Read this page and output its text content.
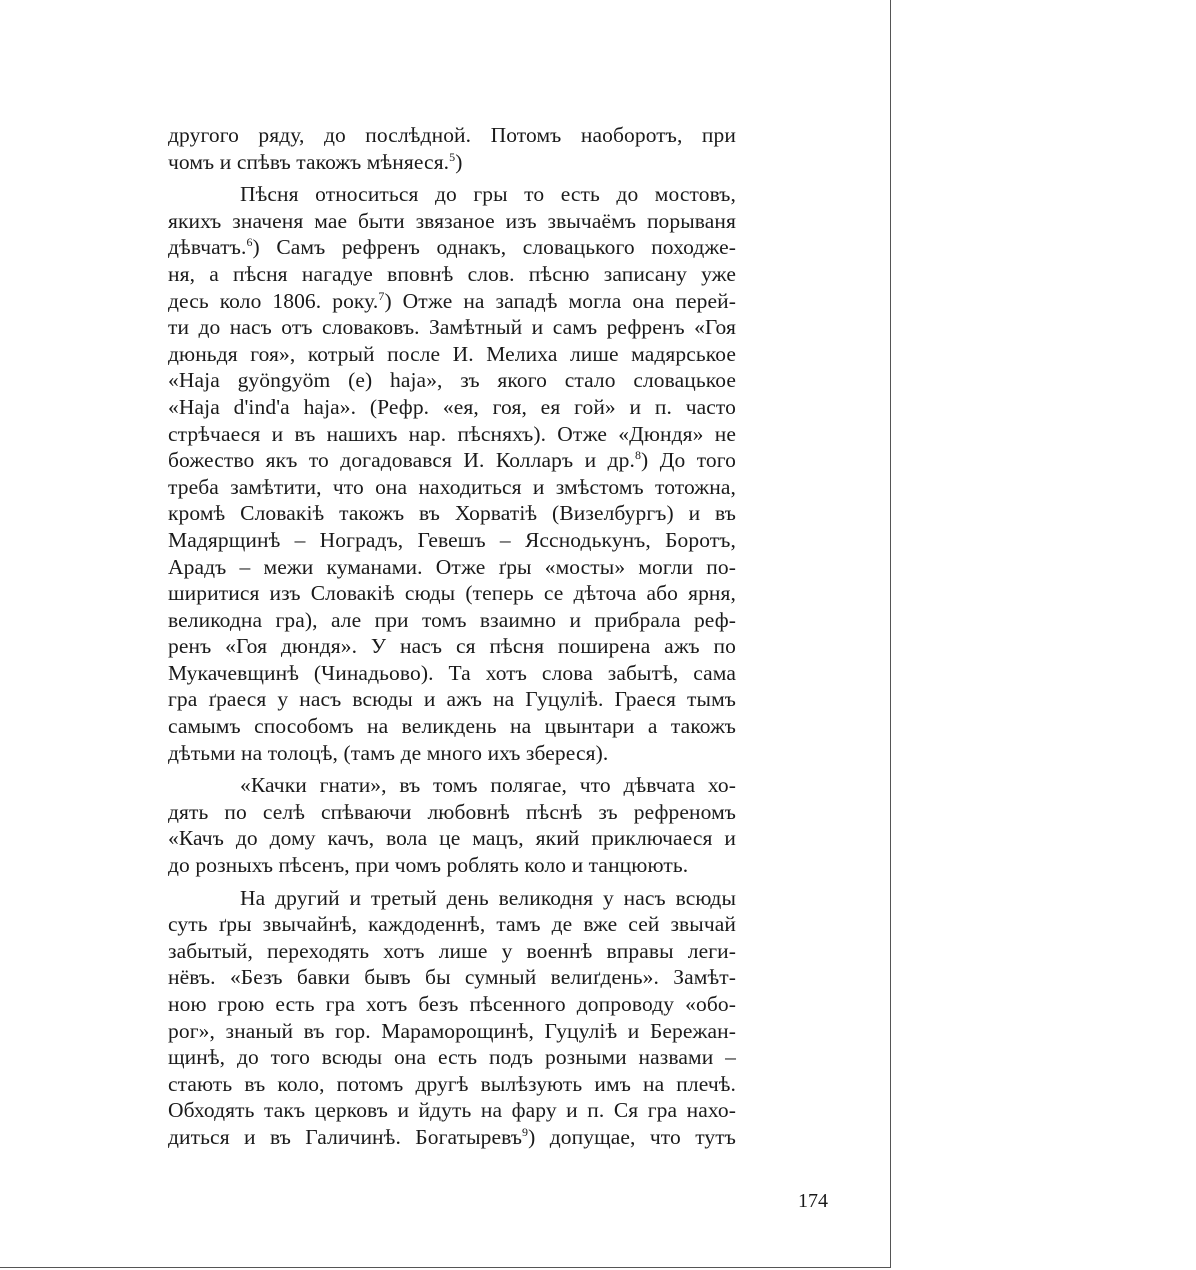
другого ряду, до послѣдной. Потомъ наоборотъ, при
чомъ и спѣвъ такожъ мѣняеся.$^5$)
Пѣсня относиться до гры то есть до мостовъ,
якихъ значеня мае быти звязаное изъ звычаёмъ порываня
дѣвчатъ.$^6$) Самъ рефренъ однакъ, словацького походже-
ня, а пѣсня нагадуе вповнѣ слов. пѣсню записану уже
десь коло 1806. року.$^7$) Отже на западѣ могла она перей-
ти до насъ отъ словаковъ. Замѣтный и самъ рефренъ «Гоя
дюньдя гоя», котрый после И. Мелиха лише мадярськое
«Haja gyöngyöm (e) haja», зъ якого стало словацькое
«Haja d'ind'a haja». (Рефр. «ея, гоя, ея гой» и п. часто
стрѣчаеся и въ нашихъ нар. пѣсняхъ). Отже «Дюндя» не
божество якъ то догадовався И. Колларъ и др.$^8$) До того
треба замѣтити, что она находиться и змѣстомъ тотожна,
кромѣ Словакіѣ такожъ въ Хорватіѣ (Визелбургъ) и въ
Мадярщинѣ – Ноградъ, Гевешъ – Ясснодькунъ, Боротъ,
Арадъ – межи куманами. Отже ґры «мосты» могли по-
ширитися изъ Словакіѣ сюды (теперь се дѣточа або ярня,
великодна гра), але при томъ взаимно и прибрала реф-
ренъ «Гоя дюндя». У насъ ся пѣсня поширена ажъ по
Мукачевщинѣ (Чинадьово). Та хотъ слова забытѣ, сама
гра ґраеся у насъ всюды и ажъ на Гуцуліѣ. Граеся тымъ
самымъ способомъ на великдень на цвынтари а такожъ
дѣтьми на толоцѣ, (тамъ де много ихъ збереся).
«Качки гнати», въ томъ полягае, что дѣвчата хо-
дять по селѣ спѣваючи любовнѣ пѣснѣ зъ рефреномъ
«Качъ до дому качъ, вола це мацъ, який приключаеся и
до розныхъ пѣсенъ, при чомъ роблять коло и танцюють.
На другий и третый день великодня у насъ всюды
суть ґры звычайнѣ, каждоденнѣ, тамъ де вже сей звычай
забытый, переходять хотъ лише у военнѣ вправы леги-
нёвъ. «Безъ бавки бывъ бы сумный велиґдень». Замѣт-
ною грою есть гра хотъ безъ пѣсенного допроводу «обо-
рог», знаный въ гор. Мараморощинѣ, Гуцуліѣ и Бережан-
щинѣ, до того всюды она есть подъ розными назвами –
стають въ коло, потомъ другѣ вылѣзують имъ на плечѣ.
Обходять такъ церковъ и йдуть на фару и п. Ся гра нахо-
диться и въ Галичинѣ. Богатыревъ$^9$) допущае, что тутъ
174
